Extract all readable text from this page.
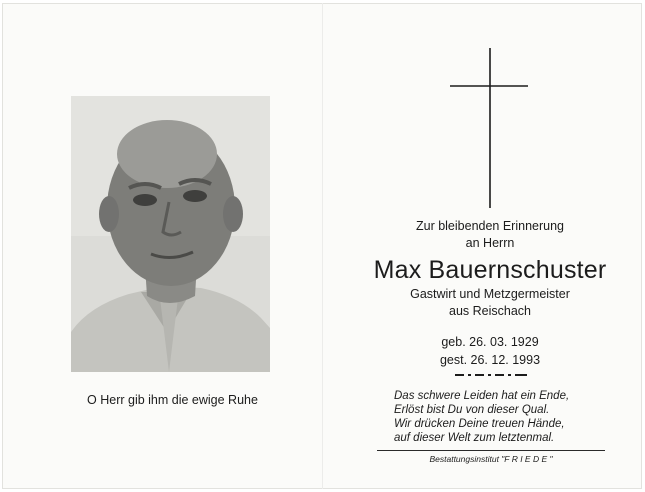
O Herr gib ihm die ewige Ruhe
Zur bleibenden Erinnerung
an Herrn
Max Bauernschuster
Gastwirt und Metzgermeister
aus Reischach
geb. 26. 03. 1929
gest. 26. 12. 1993
Das schwere Leiden hat ein Ende,
Erlöst bist Du von dieser Qual.
Wir drücken Deine treuen Hände,
auf dieser Welt zum letztenmal.
Bestattungsinstitut "F R I E D E "
